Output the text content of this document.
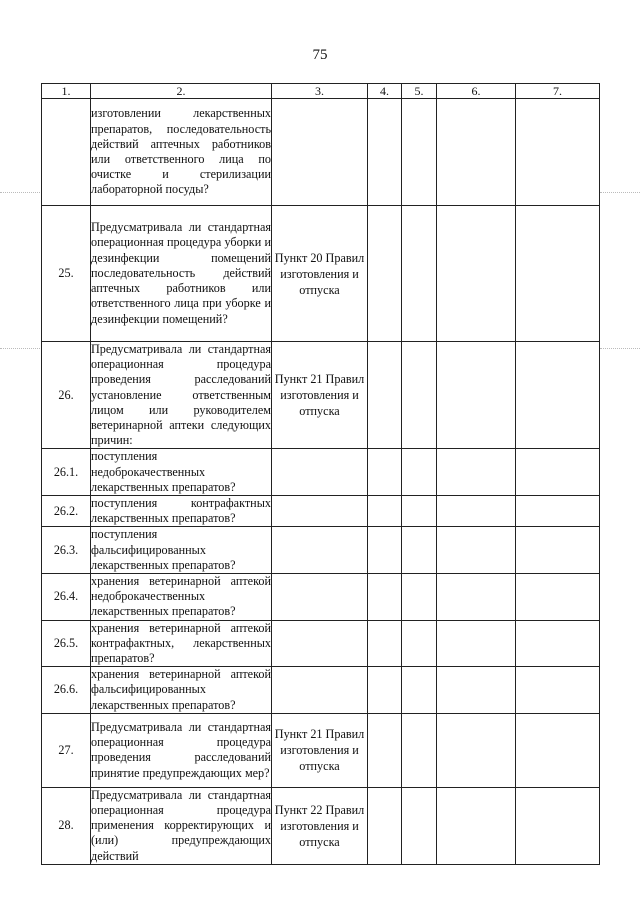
75
1.	2.	3.	4.	5.	6.	7.
	изготовлении лекарственных препаратов, последовательность действий аптечных работников или ответственного лица по очистке и стерилизации лабораторной посуды?					
25.	Предусматривала ли стандартная операционная процедура уборки и дезинфекции помещений последовательность действий аптечных работников или ответственного лица при уборке и дезинфекции помещений?	Пункт 20 Правил изготовления и отпуска				
26.	Предусматривала ли стандартная операционная процедура проведения расследований установление ответственным лицом или руководителем ветеринарной аптеки следующих причин:	Пункт 21 Правил изготовления и отпуска				
26.1.	поступления недоброкачественных лекарственных препаратов?					
26.2.	поступления контрафактных лекарственных препаратов?					
26.3.	поступления фальсифицированных лекарственных препаратов?					
26.4.	хранения ветеринарной аптекой недоброкачественных лекарственных препаратов?					
26.5.	хранения ветеринарной аптекой контрафактных, лекарственных препаратов?					
26.6.	хранения ветеринарной аптекой фальсифицированных лекарственных препаратов?					
27.	Предусматривала ли стандартная операционная процедура проведения расследований принятие предупреждающих мер?	Пункт 21 Правил изготовления и отпуска				
28.	Предусматривала ли стандартная операционная процедура применения корректирующих и (или) предупреждающих действий	Пункт 22 Правил изготовления и отпуска				
